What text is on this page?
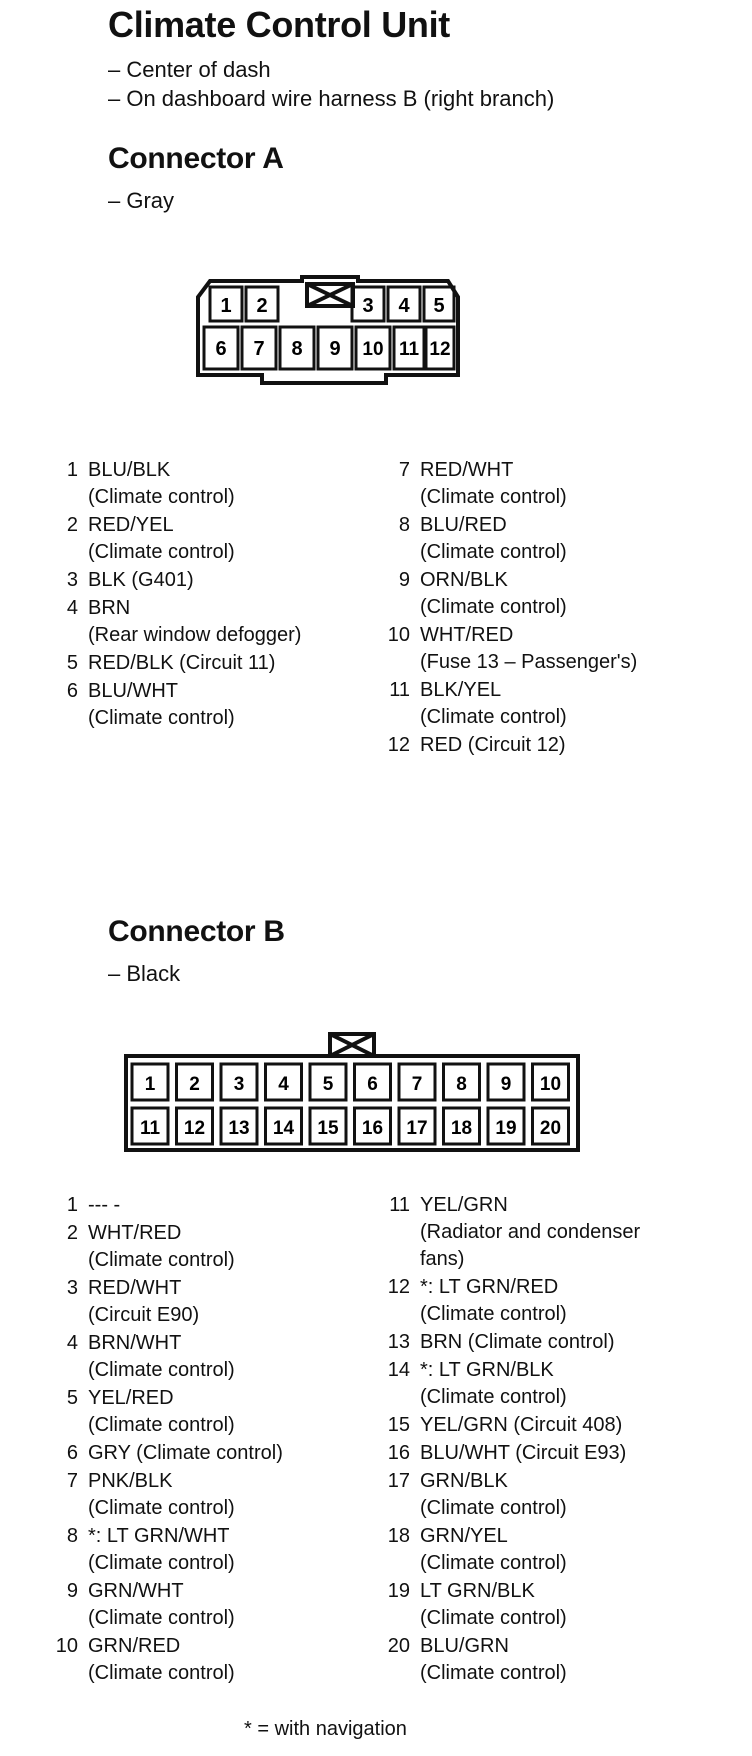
Climate Control Unit
– Center of dash
– On dashboard wire harness B (right branch)
Connector A
– Gray
1 2	3 4 5
6 7 8 9 10 11 12
1 BLU/BLK
(Climate control)
2 RED/YEL
(Climate control)
3 BLK (G401)
4 BRN
(Rear window defogger)
5 RED/BLK (Circuit 11)
6 BLU/WHT
(Climate control)
7 RED/WHT
(Climate control)
8 BLU/RED
(Climate control)
9 ORN/BLK
(Climate control)
10 WHT/RED
(Fuse 13 – Passenger's)
11 BLK/YEL
(Climate control)
12 RED (Circuit 12)
Connector B
– Black
1 2 3 4 5 6 7 8 9 10
11 12 13 14 15 16 17 18 19 20
1 --- -
2 WHT/RED
(Climate control)
3 RED/WHT
(Circuit E90)
4 BRN/WHT
(Climate control)
5 YEL/RED
(Climate control)
6 GRY (Climate control)
7 PNK/BLK
(Climate control)
8 *: LT GRN/WHT
(Climate control)
9 GRN/WHT
(Climate control)
10 GRN/RED
(Climate control)
11 YEL/GRN
(Radiator and condenser
fans)
12 *: LT GRN/RED
(Climate control)
13 BRN (Climate control)
14 *: LT GRN/BLK
(Climate control)
15 YEL/GRN (Circuit 408)
16 BLU/WHT (Circuit E93)
17 GRN/BLK
(Climate control)
18 GRN/YEL
(Climate control)
19 LT GRN/BLK
(Climate control)
20 BLU/GRN
(Climate control)
* = with navigation
